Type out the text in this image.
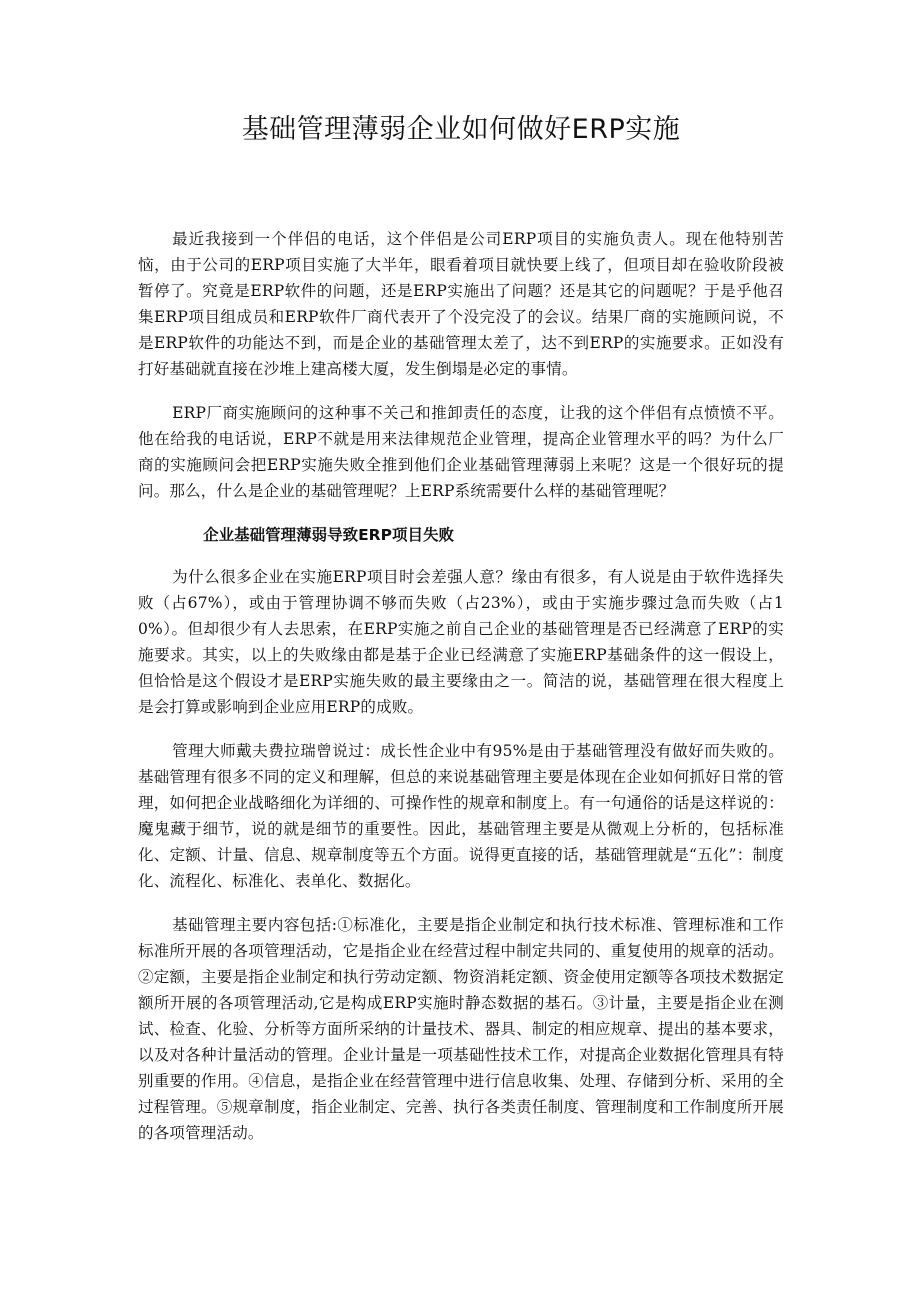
基础管理薄弱企业如何做好ERP实施

最近我接到一个伴侣的电话，这个伴侣是公司ERP项目的实施负责人。现在他特别苦恼，由于公司的ERP项目实施了大半年，眼看着项目就快要上线了，但项目却在验收阶段被暂停了。究竟是ERP软件的问题，还是ERP实施出了问题？还是其它的问题呢？于是乎他召集ERP项目组成员和ERP软件厂商代表开了个没完没了的会议。结果厂商的实施顾问说，不是ERP软件的功能达不到，而是企业的基础管理太差了，达不到ERP的实施要求。正如没有打好基础就直接在沙堆上建高楼大厦，发生倒塌是必定的事情。

ERP厂商实施顾问的这种事不关己和推卸责任的态度，让我的这个伴侣有点愤愤不平。他在给我的电话说，ERP不就是用来法律规范企业管理，提高企业管理水平的吗？为什么厂商的实施顾问会把ERP实施失败全推到他们企业基础管理薄弱上来呢？这是一个很好玩的提问。那么，什么是企业的基础管理呢？上ERP系统需要什么样的基础管理呢？

企业基础管理薄弱导致ERP项目失败

为什么很多企业在实施ERP项目时会差强人意？缘由有很多，有人说是由于软件选择失败（占67%），或由于管理协调不够而失败（占23%），或由于实施步骤过急而失败（占10%）。但却很少有人去思索，在ERP实施之前自己企业的基础管理是否已经满意了ERP的实施要求。其实，以上的失败缘由都是基于企业已经满意了实施ERP基础条件的这一假设上，但恰恰是这个假设才是ERP实施失败的最主要缘由之一。简洁的说，基础管理在很大程度上是会打算或影响到企业应用ERP的成败。

管理大师戴夫费拉瑞曾说过：成长性企业中有95%是由于基础管理没有做好而失败的。基础管理有很多不同的定义和理解，但总的来说基础管理主要是体现在企业如何抓好日常的管理，如何把企业战略细化为详细的、可操作性的规章和制度上。有一句通俗的话是这样说的：魔鬼藏于细节，说的就是细节的重要性。因此，基础管理主要是从微观上分析的，包括标准化、定额、计量、信息、规章制度等五个方面。说得更直接的话，基础管理就是“五化”：制度化、流程化、标准化、表单化、数据化。

基础管理主要内容包括:①标准化，主要是指企业制定和执行技术标准、管理标准和工作标准所开展的各项管理活动，它是指企业在经营过程中制定共同的、重复使用的规章的活动。②定额，主要是指企业制定和执行劳动定额、物资消耗定额、资金使用定额等各项技术数据定额所开展的各项管理活动,它是构成ERP实施时静态数据的基石。③计量，主要是指企业在测试、检查、化验、分析等方面所采纳的计量技术、器具、制定的相应规章、提出的基本要求，以及对各种计量活动的管理。企业计量是一项基础性技术工作，对提高企业数据化管理具有特别重要的作用。④信息，是指企业在经营管理中进行信息收集、处理、存储到分析、采用的全过程管理。⑤规章制度，指企业制定、完善、执行各类责任制度、管理制度和工作制度所开展的各项管理活动。
